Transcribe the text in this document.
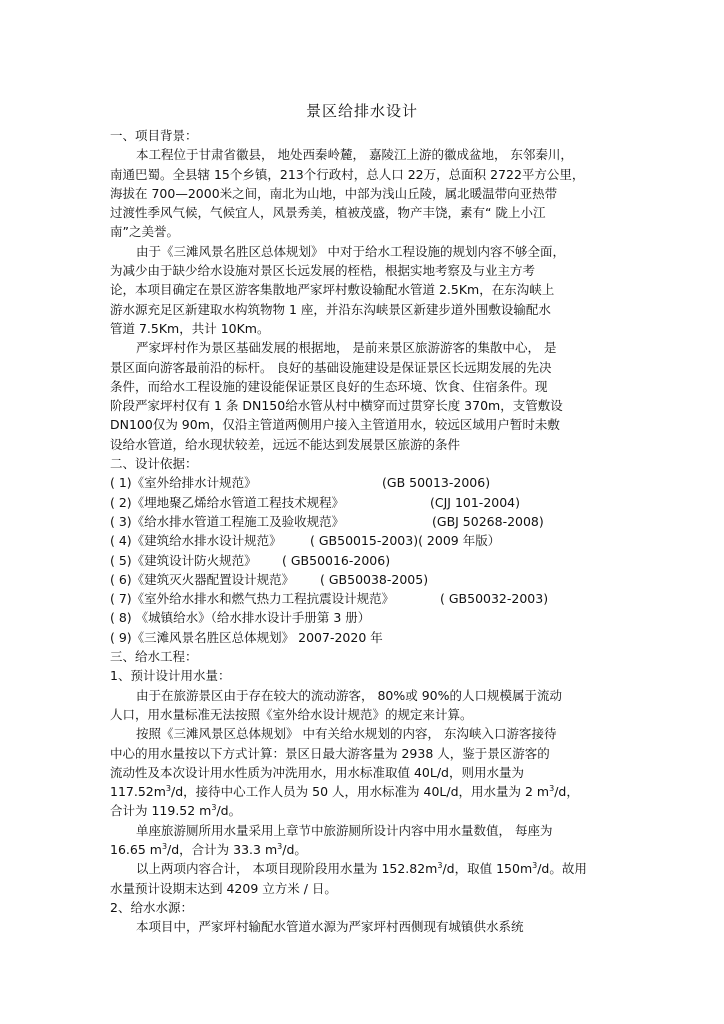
景区给排水设计
一、项目背景：
本工程位于甘肃省徽县， 地处西秦岭麓， 嘉陵江上游的徽成盆地， 东邻秦川，
南通巴蜀。全县辖 15个乡镇，213个行政村，总人口 22万，总面积 2722平方公里，
海拔在 700—2000米之间，南北为山地，中部为浅山丘陵，属北暖温带向亚热带
过渡性季风气候，气候宜人，风景秀美，植被茂盛，物产丰饶，素有“ 陇上小江
南”之美誉。
由于《三滩风景名胜区总体规划》 中对于给水工程设施的规划内容不够全面，
为减少由于缺少给水设施对景区长远发展的桎梏，根据实地考察及与业主方考
论，本项目确定在景区游客集散地严家坪村敷设输配水管道 2.5Km，在东沟峡上
游水源充足区新建取水构筑物物 1 座，并沿东沟峡景区新建步道外围敷设输配水
管道 7.5Km，共计 10Km。
严家坪村作为景区基础发展的根据地， 是前来景区旅游游客的集散中心， 是
景区面向游客最前沿的标杆。 良好的基础设施建设是保证景区长远期发展的先决
条件，而给水工程设施的建设能保证景区良好的生态环境、饮食、住宿条件。现
阶段严家坪村仅有 1 条 DN150给水管从村中横穿而过贯穿长度 370m，支管敷设
DN100仅为 90m，仅沿主管道两侧用户接入主管道用水，较远区域用户暂时未敷
设给水管道，给水现状较差，远远不能达到发展景区旅游的条件
二、设计依据：
( 1)《室外给排水计规范》	(GB 50013-2006)
( 2)《埋地聚乙烯给水管道工程技术规程》	(CJJ 101-2004)
( 3)《给水排水管道工程施工及验收规范》	(GBJ 50268-2008)
( 4)《建筑给水排水设计规范》 ( GB50015-2003)( 2009 年版）
( 5)《建筑设计防火规范》 ( GB50016-2006)
( 6)《建筑灭火器配置设计规范》 ( GB50038-2005)
( 7)《室外给水排水和燃气热力工程抗震设计规范》	( GB50032-2003)
( 8) 《城镇给水》（给水排水设计手册第 3 册）
( 9)《三滩风景名胜区总体规划》 2007-2020 年
三、给水工程：
1、预计设计用水量：
由于在旅游景区由于存在较大的流动游客， 80%或 90%的人口规模属于流动
人口，用水量标准无法按照《室外给水设计规范》的规定来计算。
按照《三滩风景区总体规划》 中有关给水规划的内容， 东沟峡入口游客接待
中心的用水量按以下方式计算：景区日最大游客量为 2938 人，鉴于景区游客的
流动性及本次设计用水性质为冲洗用水，用水标准取值 40L/d，则用水量为
$117.52m^3/d$，接待中心工作人员为 50 人，用水标准为 40L/d，用水量为 2 $m^3/d$，
合计为 119.52 $m^3/d$。
单座旅游厕所用水量采用上章节中旅游厕所设计内容中用水量数值， 每座为
16.65 $m^3/d$，合计为 33.3 $m^3/d$。
以上两项内容合计， 本项目现阶段用水量为 $152.82m^3/d$，取值 $150m^3/d$。故用
水量预计设期末达到 4209 立方米 / 日。
2、给水水源：
本项目中，严家坪村输配水管道水源为严家坪村西侧现有城镇供水系统
